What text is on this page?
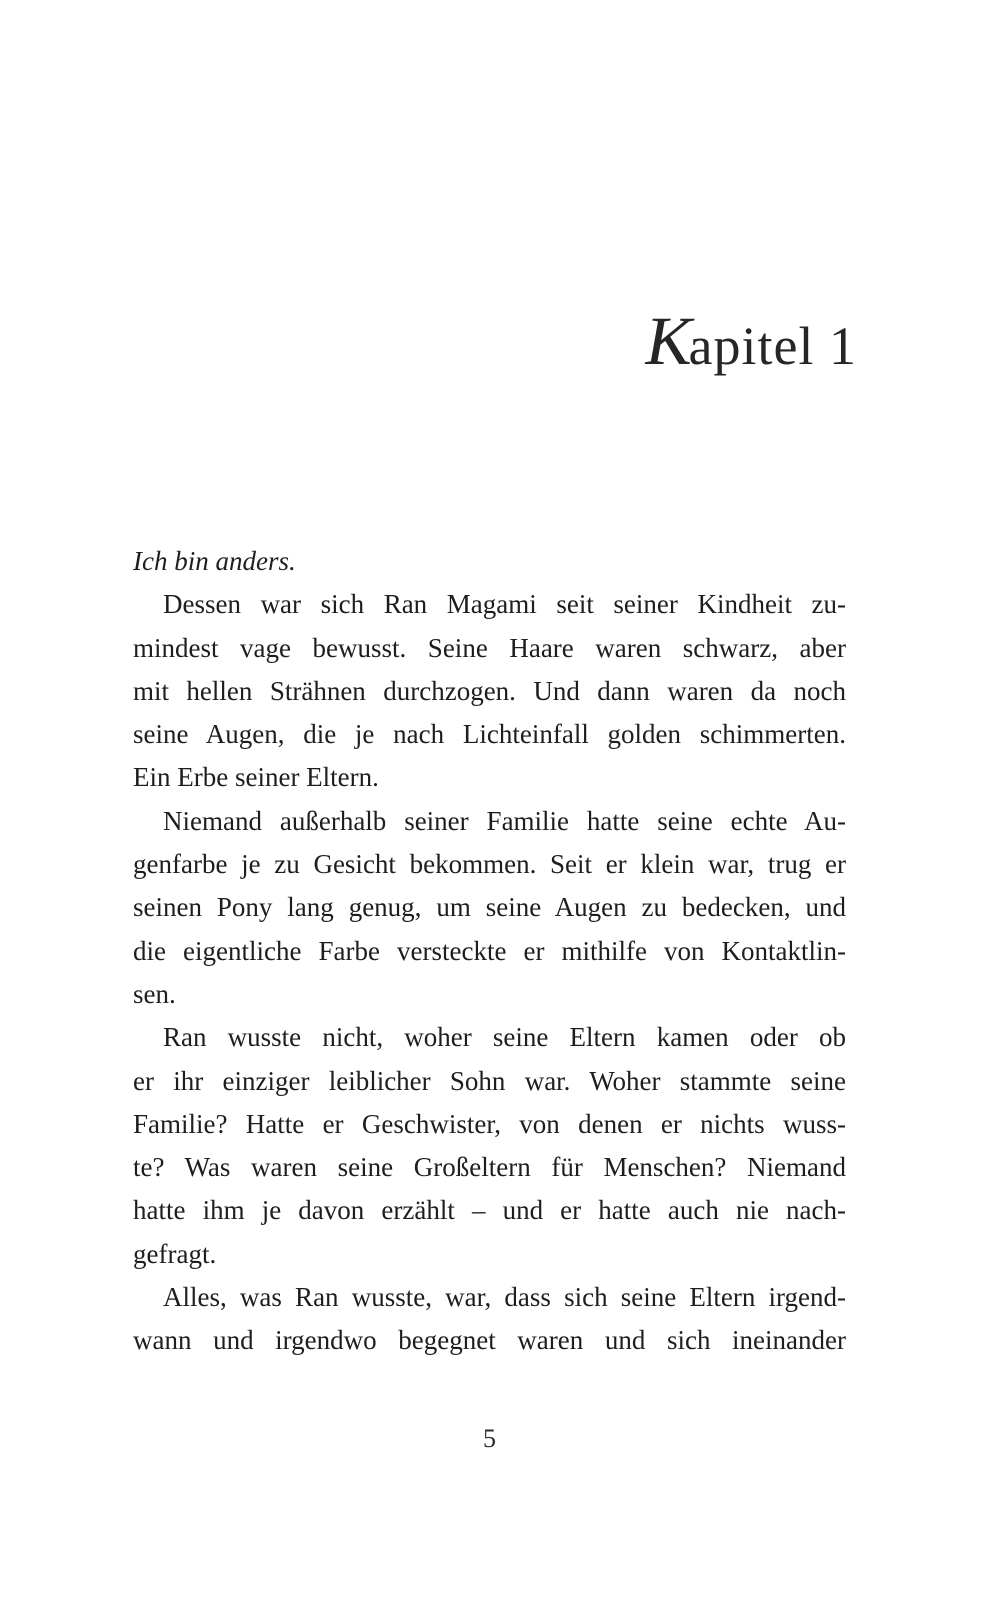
Kapitel 1

Ich bin anders.

Dessen war sich Ran Magami seit seiner Kindheit zu-
mindest vage bewusst. Seine Haare waren schwarz, aber
mit hellen Strähnen durchzogen. Und dann waren da noch
seine Augen, die je nach Lichteinfall golden schimmerten.
Ein Erbe seiner Eltern.

Niemand außerhalb seiner Familie hatte seine echte Au-
genfarbe je zu Gesicht bekommen. Seit er klein war, trug er
seinen Pony lang genug, um seine Augen zu bedecken, und
die eigentliche Farbe versteckte er mithilfe von Kontaktlin-
sen.

Ran wusste nicht, woher seine Eltern kamen oder ob
er ihr einziger leiblicher Sohn war. Woher stammte seine
Familie? Hatte er Geschwister, von denen er nichts wuss-
te? Was waren seine Großeltern für Menschen? Niemand
hatte ihm je davon erzählt – und er hatte auch nie nach-
gefragt.

Alles, was Ran wusste, war, dass sich seine Eltern irgend-
wann und irgendwo begegnet waren und sich ineinander

5
